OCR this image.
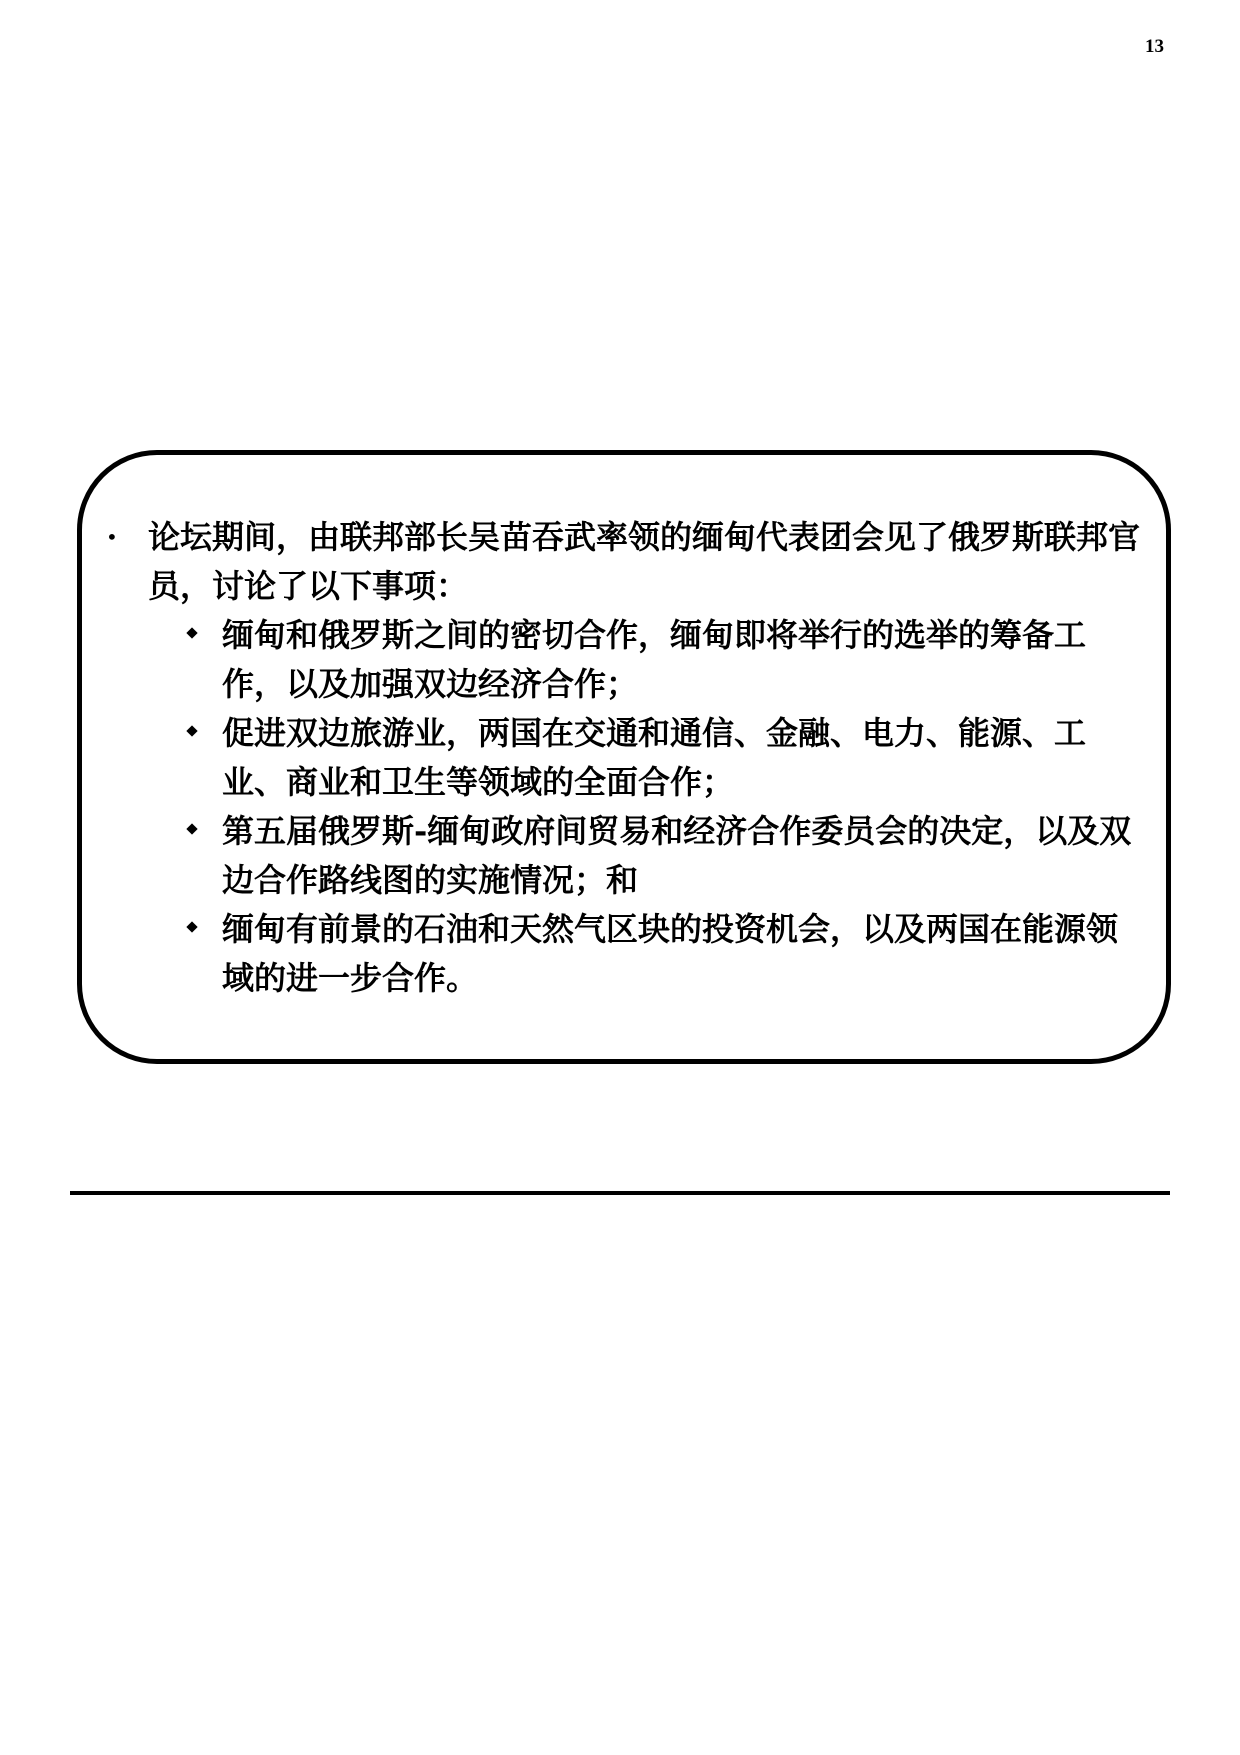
13
• 论坛期间，由联邦部长吴苗吞武率领的缅甸代表团会见了俄罗斯联邦官员，讨论了以下事项：
缅甸和俄罗斯之间的密切合作，缅甸即将举行的选举的筹备工作，以及加强双边经济合作；
促进双边旅游业，两国在交通和通信、金融、电力、能源、工业、商业和卫生等领域的全面合作；
第五届俄罗斯-缅甸政府间贸易和经济合作委员会的决定，以及双边合作路线图的实施情况；和
缅甸有前景的石油和天然气区块的投资机会，以及两国在能源领域的进一步合作。
